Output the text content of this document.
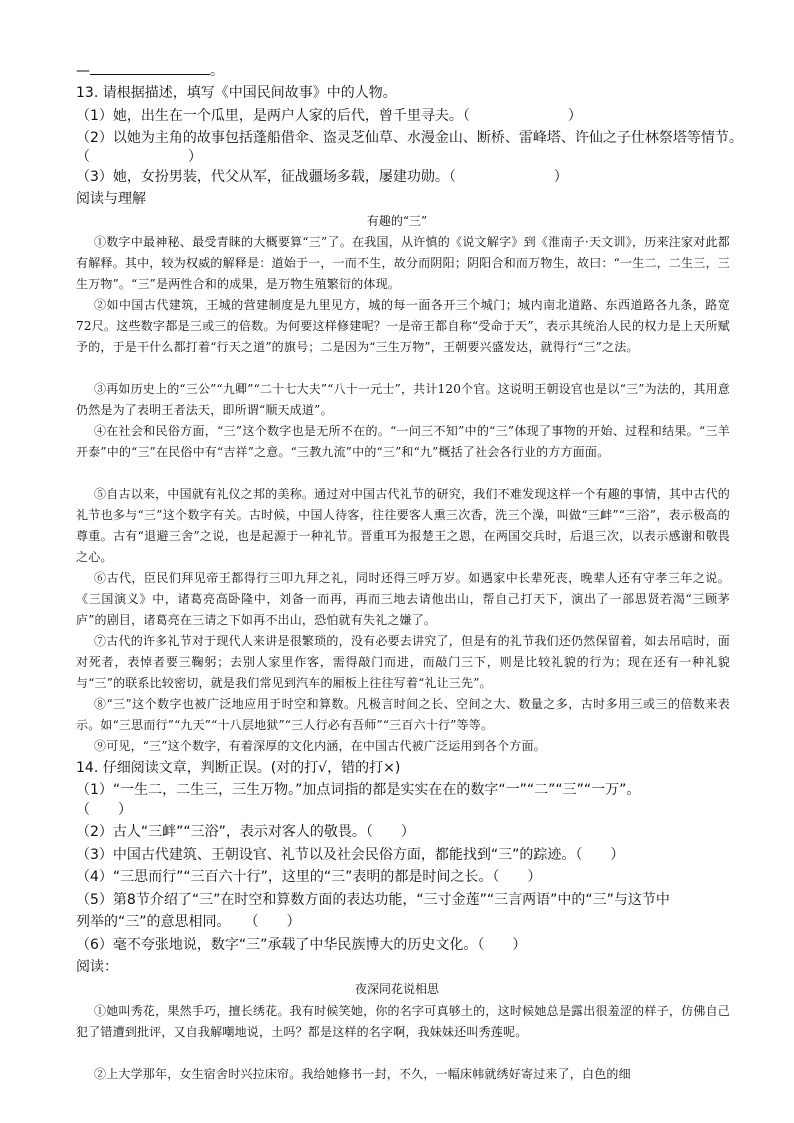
—	。
13. 请根据描述，填写《中国民间故事》中的人物。
（1）她，出生在一个瓜里，是两户人家的后代，曾千里寻夫。（　　　　　　　）
（2）以她为主角的故事包括蓬船借伞、盗灵芝仙草、水漫金山、断桥、雷峰塔、许仙之子仕林祭塔等情节。
（　　　　　　　）
（3）她，女扮男装，代父从军，征战疆场多载，屡建功勋。（　　　　　　　）
阅读与理解
有趣的“三”
①数字中最神秘、最受青睐的大概要算“三”了。在我国，从许慎的《说文解字》到《淮南子·天文训》，历来注家对此都有解释。其中，较为权威的解释是：道始于一，一而不生，故分而阴阳；阴阳合和而万物生，故曰：“一生二，二生三，三生万物”。“三”是两性合和的成果，是万物生殖繁衍的体现。
②如中国古代建筑，王城的营建制度是九里见方，城的每一面各开三个城门；城内南北道路、东西道路各九条，路宽72尺。这些数字都是三或三的倍数。为何要这样修建呢？一是帝王都自称“受命于天”，表示其统治人民的权力是上天所赋予的，于是干什么都打着“行天之道”的旗号；二是因为“三生万物”，王朝要兴盛发达，就得行“三”之法。
③再如历史上的“三公”“九卿”“二十七大夫”“八十一元士”，共计120个官。这说明王朝设官也是以“三”为法的，其用意仍然是为了表明王者法天，即所谓“顺天成道”。
④在社会和民俗方面，“三”这个数字也是无所不在的。“一问三不知”中的“三”体现了事物的开始、过程和结果。“三羊开泰”中的“三”在民俗中有“吉祥”之意。“三教九流”中的“三”和“九”概括了社会各行业的方方面面。
⑤自古以来，中国就有礼仪之邦的美称。通过对中国古代礼节的研究，我们不难发现这样一个有趣的事情，其中古代的礼节也多与“三”这个数字有关。古时候，中国人待客，往往要客人熏三次香，洗三个澡，叫做“三衅”“三浴”，表示极高的尊重。古有“退避三舍”之说，也是起源于一种礼节。晋重耳为报楚王之恩，在两国交兵时，后退三次，以表示感谢和敬畏之心。
⑥古代，臣民们拜见帝王都得行三叩九拜之礼，同时还得三呼万岁。如遇家中长辈死丧，晚辈人还有守孝三年之说。《三国演义》中，诸葛亮高卧隆中，刘备一而再，再而三地去请他出山，帮自己打天下，演出了一部思贤若渴“三顾茅庐”的剧目，诸葛亮在三请之下如再不出山，恐怕就有失礼之嫌了。
⑦古代的许多礼节对于现代人来讲是很繁琐的，没有必要去讲究了，但是有的礼节我们还仍然保留着，如去吊唁时，面对死者，表悼者要三鞠躬；去别人家里作客，需得敲门而进，而敲门三下，则是比较礼貌的行为；现在还有一种礼貌与“三”的联系比较密切，就是我们常见到汽车的厢板上往往写着“礼让三先”。
⑧“三”这个数字也被广泛地应用于时空和算数。凡极言时间之长、空间之大、数量之多，古时多用三或三的倍数来表示。如“三思而行”“九天”“十八层地狱”“三人行必有吾师”“三百六十行”等等。
⑨可见，“三”这个数字，有着深厚的文化内涵，在中国古代被广泛运用到各个方面。
14. 仔细阅读文章，判断正误。(对的打√，错的打×)
（1）“一生二，二生三，三生万物。”加点词指的都是实实在在的数字“一”“二”“三”“一万”。
（　　）
（2）古人“三衅”“三浴”，表示对客人的敬畏。（　　）
（3）中国古代建筑、王朝设官、礼节以及社会民俗方面，都能找到“三”的踪迹。（　　）
（4）“三思而行”“三百六十行”，这里的“三”表明的都是时间之长。（　　）
（5）第8节介绍了“三”在时空和算数方面的表达功能，“三寸金莲”“三言两语”中的“三”与这节中
列举的“三”的意思相同。　　（　　）
（6）毫不夸张地说，数字“三”承载了中华民族博大的历史文化。（　　）
阅读：
夜深同花说相思
①她叫秀花，果然手巧，擅长绣花。我有时候笑她，你的名字可真够土的，这时候她总是露出很羞涩的样子，仿佛自己犯了错遭到批评，又自我解嘲地说，土吗？都是这样的名字啊，我妹妹还叫秀莲呢。
②上大学那年，女生宿舍时兴拉床帘。我给她修书一封，不久，一幅床帏就绣好寄过来了，白色的细
